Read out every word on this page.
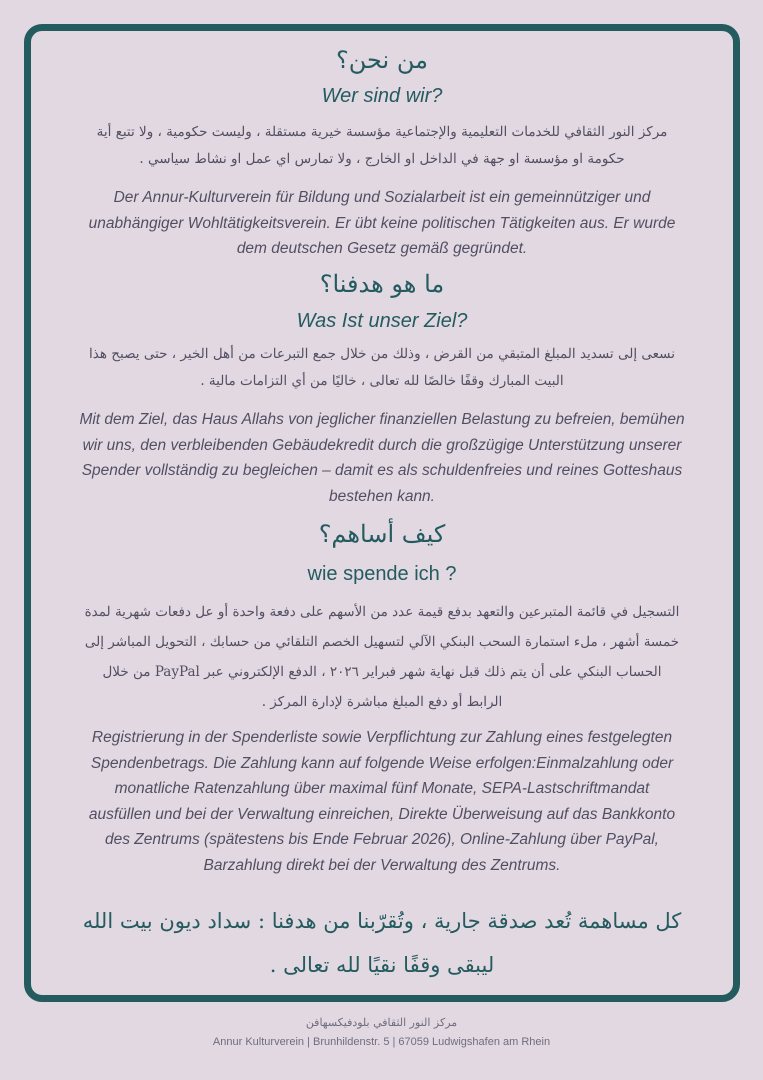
من نحن؟
Wer sind wir?
مركز النور الثقافي للخدمات التعليمية والإجتماعية مؤسسة خيرية مستقلة ، وليست حكومية ، ولا تتبع أية
حكومة او مؤسسة او جهة في الداخل او الخارج ، ولا تمارس اي عمل او نشاط سياسي .
Der Annur-Kulturverein für Bildung und Sozialarbeit ist ein gemeinnütziger und
unabhängiger Wohltätigkeitsverein. Er übt keine politischen Tätigkeiten aus. Er wurde
dem deutschen Gesetz gemäß gegründet.
ما هو هدفنا؟
Was Ist unser Ziel?
نسعى إلى تسديد المبلغ المتبقي من القرض ، وذلك من خلال جمع التبرعات من أهل الخير ، حتى يصبح هذا
البيت المبارك وقفًا خالصًا لله تعالى ، خاليًا من أي التزامات مالية .
Mit dem Ziel, das Haus Allahs von jeglicher finanziellen Belastung zu befreien, bemühen
wir uns, den verbleibenden Gebäudekredit durch die großzügige Unterstützung unserer
Spender vollständig zu begleichen – damit es als schuldenfreies und reines Gotteshaus
bestehen kann.
كيف أساهم؟
wie spende ich ?
التسجيل في قائمة المتبرعين والتعهد بدفع قيمة عدد من الأسهم على دفعة واحدة أو عل دفعات شهرية لمدة
خمسة أشهر ، ملء استمارة السحب البنكي الآلي لتسهيل الخصم التلقائي من حسابك ، التحويل المباشر إلى
الحساب البنكي على أن يتم ذلك قبل نهاية شهر فبراير ٢٠٢٦ ، الدفع الإلكتروني عبر PayPal من خلال
الرابط أو دفع المبلغ مباشرة لإدارة المركز .
Registrierung in der Spenderliste sowie Verpflichtung zur Zahlung eines festgelegten
Spendenbetrags. Die Zahlung kann auf folgende Weise erfolgen:Einmalzahlung oder
monatliche Ratenzahlung über maximal fünf Monate, SEPA-Lastschriftmandat
ausfüllen und bei der Verwaltung einreichen, Direkte Überweisung auf das Bankkonto
des Zentrums (spätestens bis Ende Februar 2026), Online-Zahlung über PayPal,
Barzahlung direkt bei der Verwaltung des Zentrums.
كل مساهمة تُعد صدقة جارية ، وتُقرّبنا من هدفنا : سداد ديون بيت الله
ليبقى وقفًا نقيًا لله تعالى .
مركز النور الثقافي بلودفيكسهافن
Annur Kulturverein | Brunhildenstr. 5 | 67059 Ludwigshafen am Rhein
